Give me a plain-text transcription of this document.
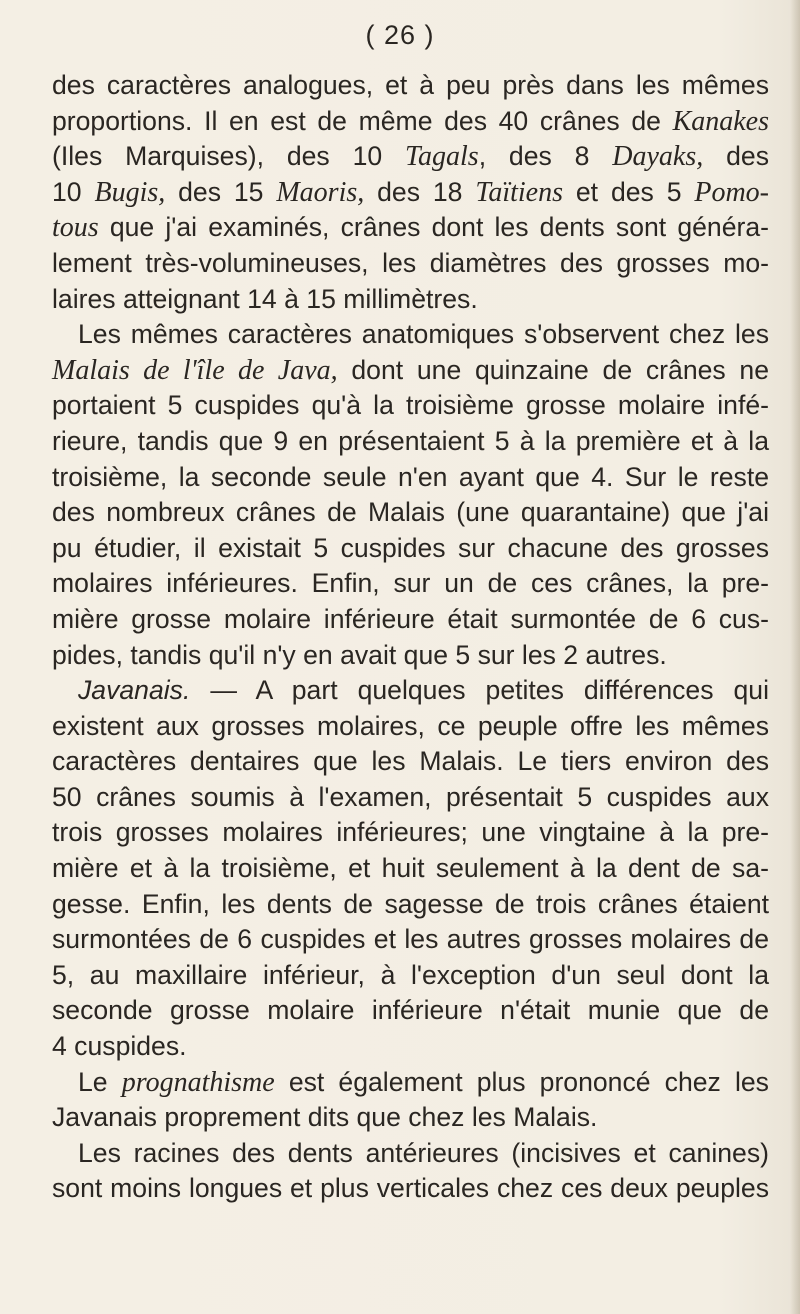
( 26 )
des caractères analogues, et à peu près dans les mêmes
proportions. Il en est de même des 40 crânes de Kanakes
(Iles Marquises), des 10 Tagals, des 8 Dayaks, des
10 Bugis, des 15 Maoris, des 18 Taïtiens et des 5 Pomo-
tous que j'ai examinés, crânes dont les dents sont généra-
lement très-volumineuses, les diamètres des grosses mo-
laires atteignant 14 à 15 millimètres.
Les mêmes caractères anatomiques s'observent chez les
Malais de l'île de Java, dont une quinzaine de crânes ne
portaient 5 cuspides qu'à la troisième grosse molaire infé-
rieure, tandis que 9 en présentaient 5 à la première et à la
troisième, la seconde seule n'en ayant que 4. Sur le reste
des nombreux crânes de Malais (une quarantaine) que j'ai
pu étudier, il existait 5 cuspides sur chacune des grosses
molaires inférieures. Enfin, sur un de ces crânes, la pre-
mière grosse molaire inférieure était surmontée de 6 cus-
pides, tandis qu'il n'y en avait que 5 sur les 2 autres.
Javanais. — A part quelques petites différences qui
existent aux grosses molaires, ce peuple offre les mêmes
caractères dentaires que les Malais. Le tiers environ des
50 crânes soumis à l'examen, présentait 5 cuspides aux
trois grosses molaires inférieures; une vingtaine à la pre-
mière et à la troisième, et huit seulement à la dent de sa-
gesse. Enfin, les dents de sagesse de trois crânes étaient
surmontées de 6 cuspides et les autres grosses molaires de
5, au maxillaire inférieur, à l'exception d'un seul dont la
seconde grosse molaire inférieure n'était munie que de
4 cuspides.
Le prognathisme est également plus prononcé chez les
Javanais proprement dits que chez les Malais.
Les racines des dents antérieures (incisives et canines)
sont moins longues et plus verticales chez ces deux peuples
